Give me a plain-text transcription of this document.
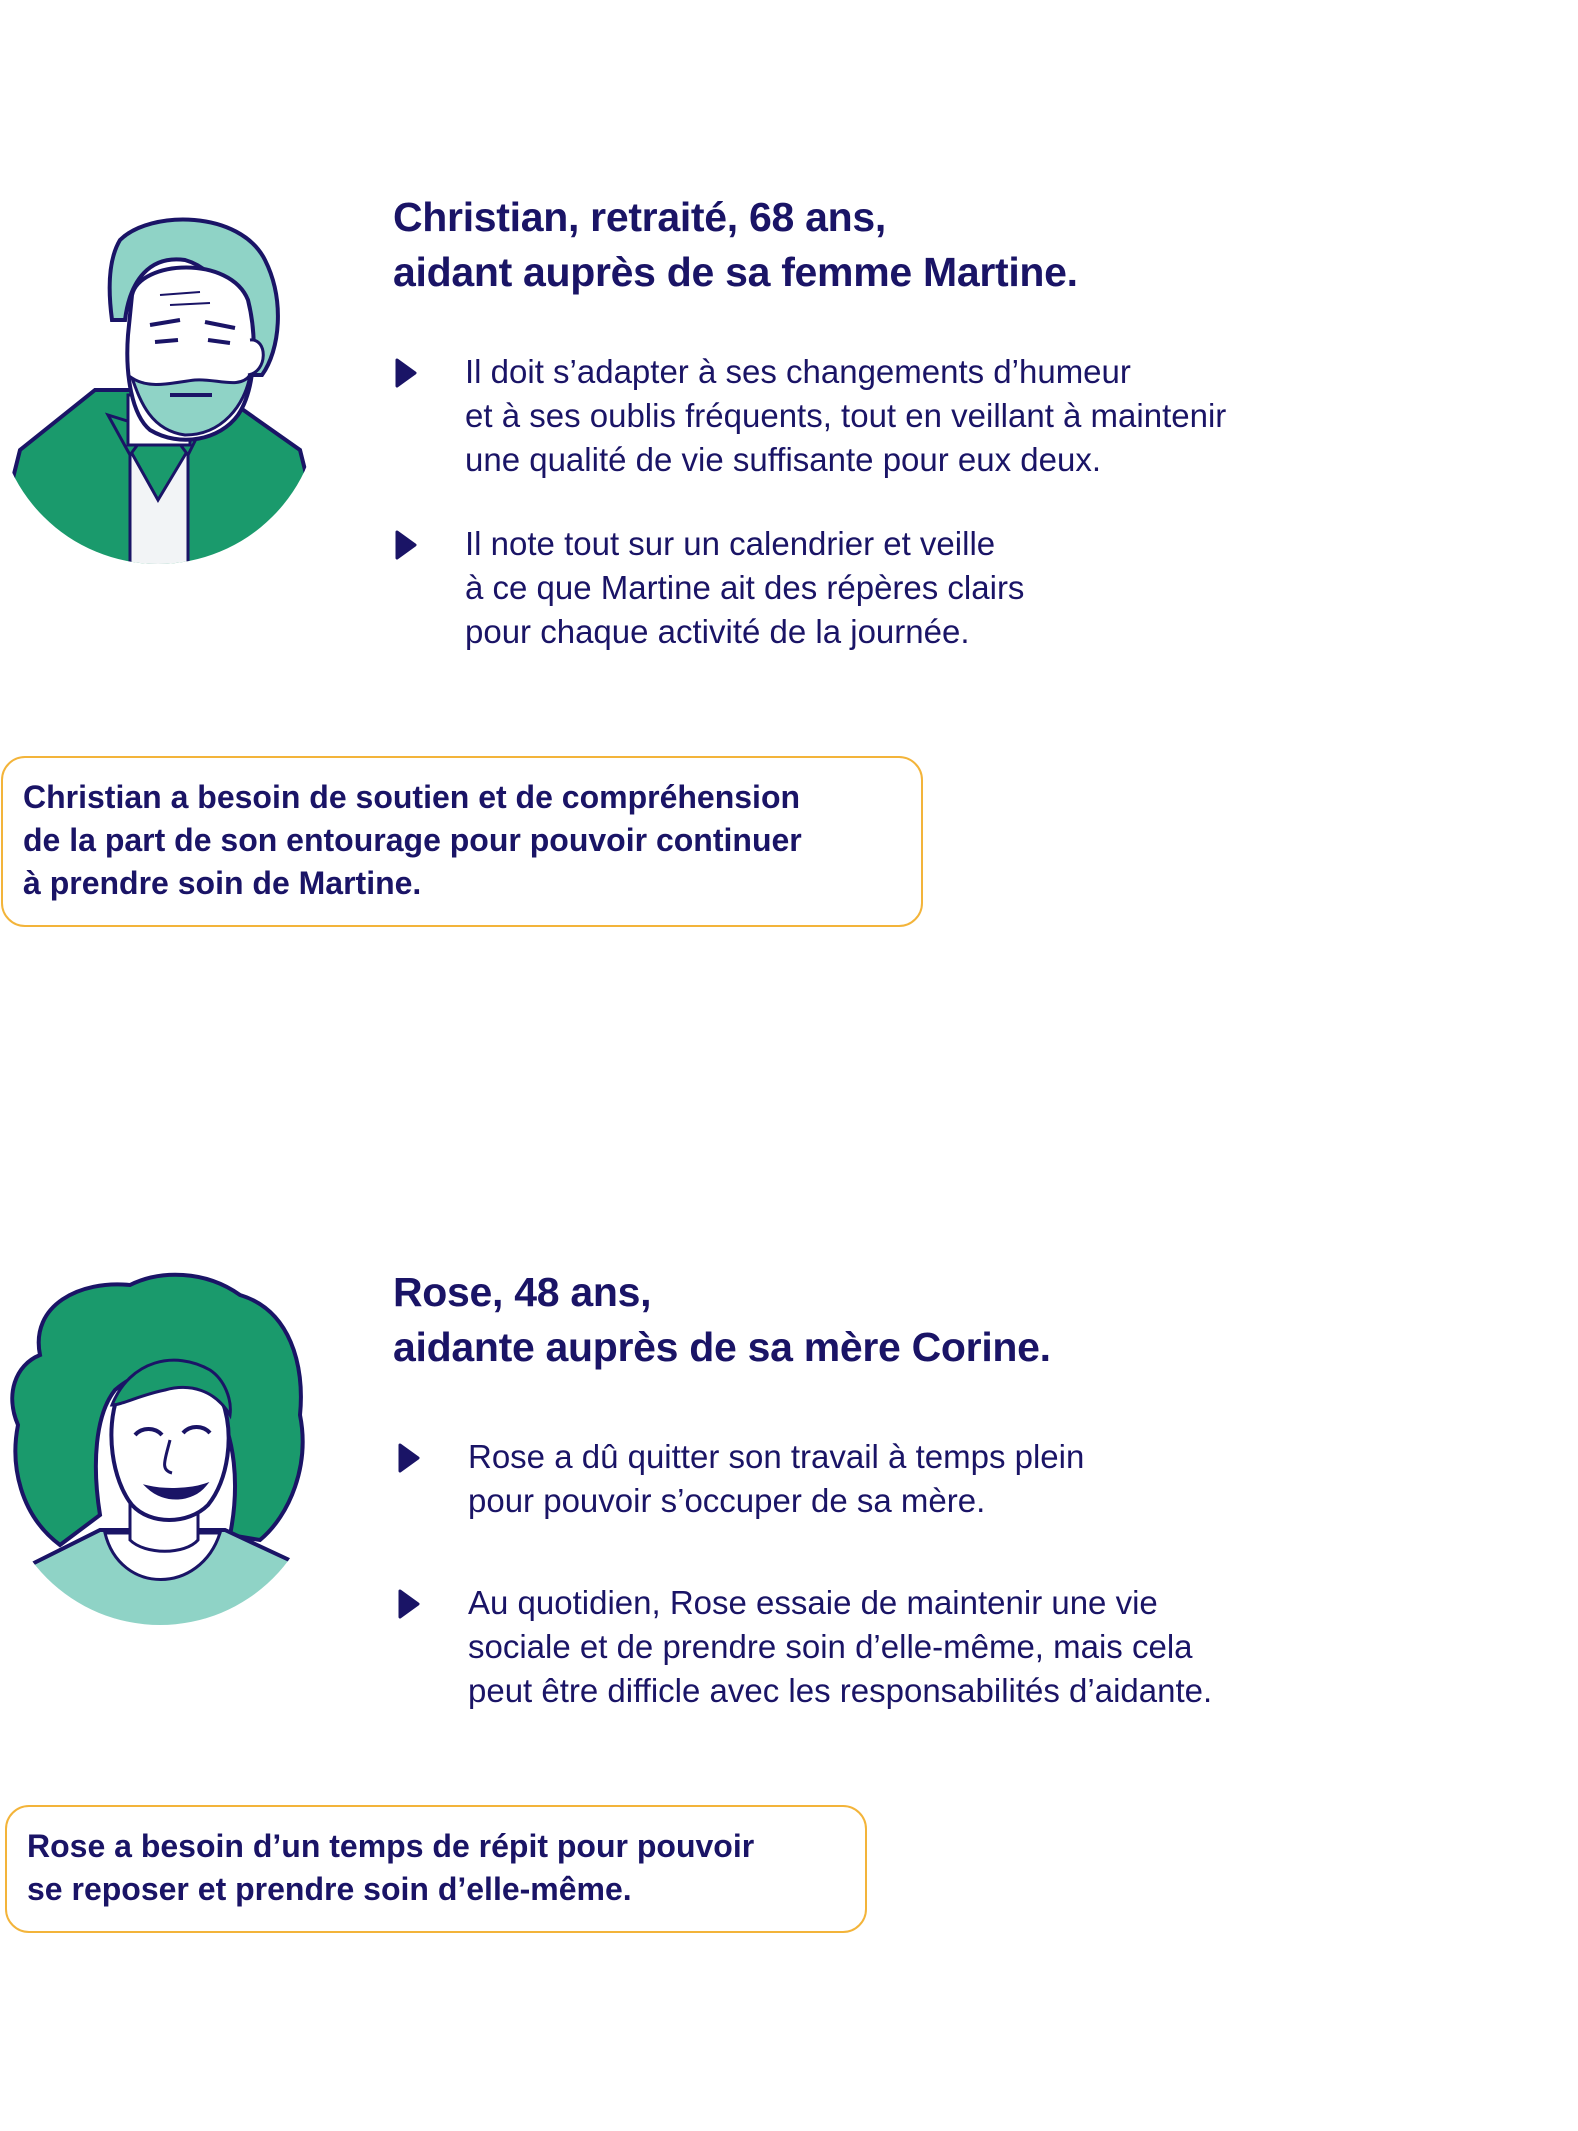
Christian, retraité, 68 ans,
aidant auprès de sa femme Martine.

Il doit s’adapter à ses changements d’humeur
et à ses oublis fréquents, tout en veillant à maintenir
une qualité de vie suffisante pour eux deux.

Il note tout sur un calendrier et veille
à ce que Martine ait des répères clairs
pour chaque activité de la journée.

Christian a besoin de soutien et de compréhension
de la part de son entourage pour pouvoir continuer
à prendre soin de Martine.

Rose, 48 ans,
aidante auprès de sa mère Corine.

Rose a dû quitter son travail à temps plein
pour pouvoir s’occuper de sa mère.

Au quotidien, Rose essaie de maintenir une vie
sociale et de prendre soin d’elle-même, mais cela
peut être difficle avec les responsabilités d’aidante.

Rose a besoin d’un temps de répit pour pouvoir
se reposer et prendre soin d’elle-même.
